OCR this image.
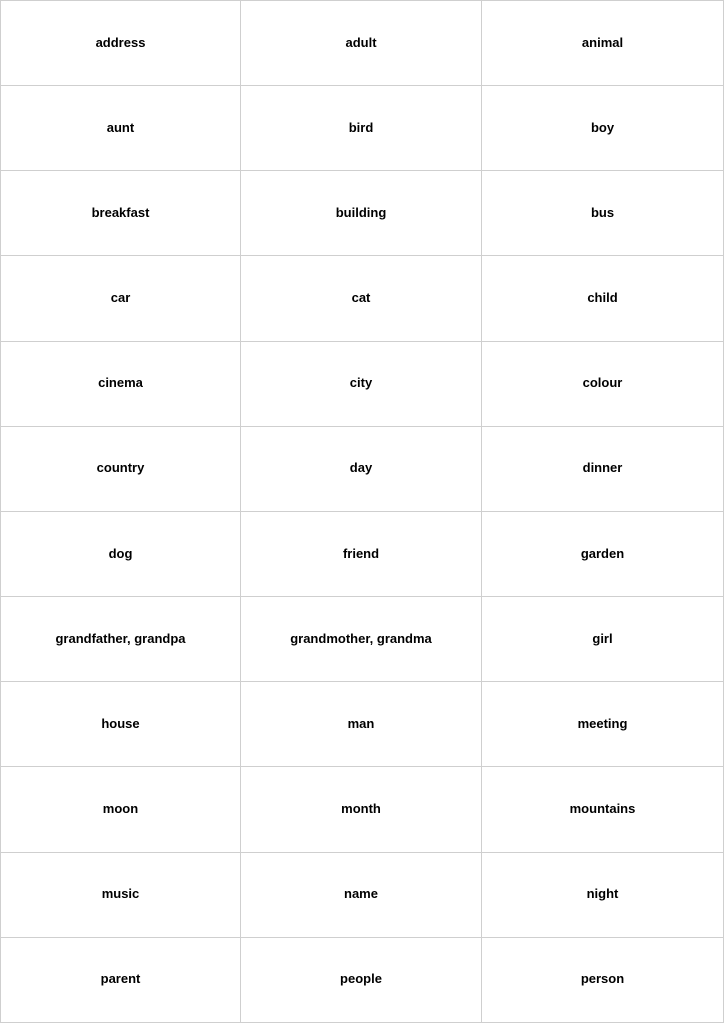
address	adult	animal
aunt	bird	boy
breakfast	building	bus
car	cat	child
cinema	city	colour
country	day	dinner
dog	friend	garden
grandfather, grandpa	grandmother, grandma	girl
house	man	meeting
moon	month	mountains
music	name	night
parent	people	person
